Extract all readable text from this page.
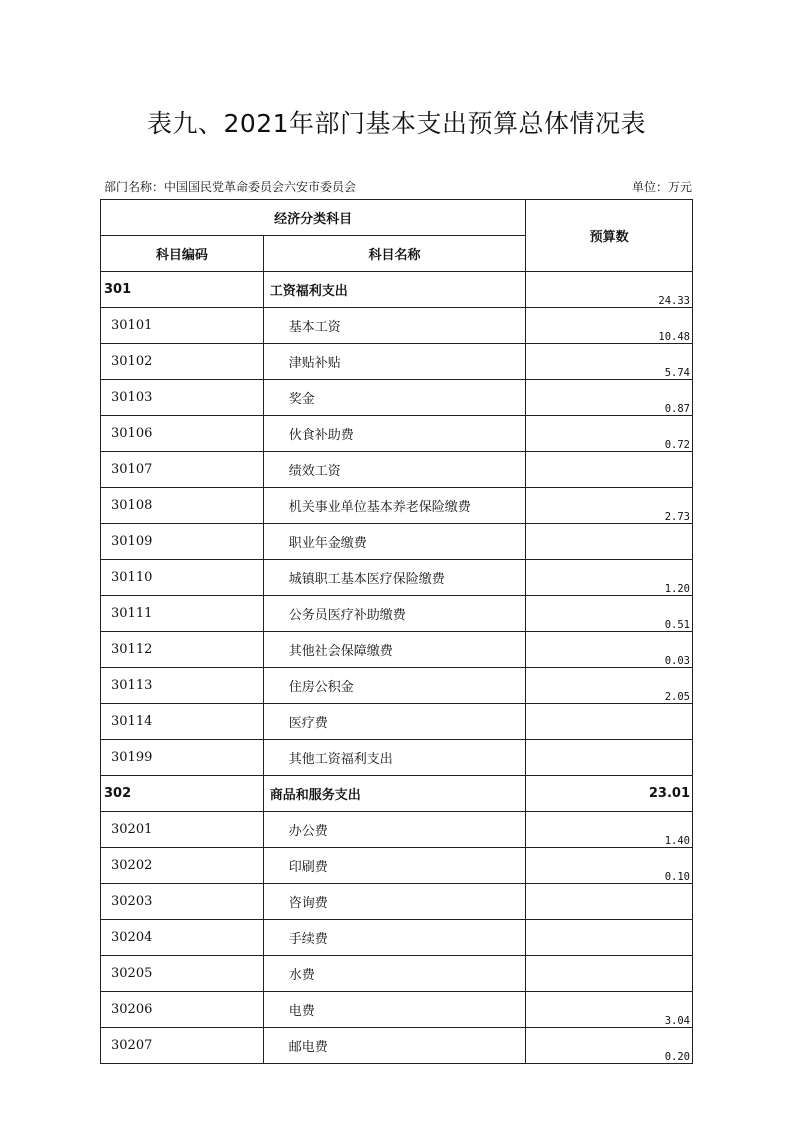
表九、2021年部门基本支出预算总体情况表
部门名称：中国国民党革命委员会六安市委员会	单位：万元
经济分类科目		预算数
科目编码	科目名称	
301	工资福利支出	24.33
30101	基本工资	10.48
30102	津贴补贴	5.74
30103	奖金	0.87
30106	伙食补助费	0.72
30107	绩效工资	
30108	机关事业单位基本养老保险缴费	2.73
30109	职业年金缴费	
30110	城镇职工基本医疗保险缴费	1.20
30111	公务员医疗补助缴费	0.51
30112	其他社会保障缴费	0.03
30113	住房公积金	2.05
30114	医疗费	
30199	其他工资福利支出	
302	商品和服务支出	23.01
30201	办公费	1.40
30202	印刷费	0.10
30203	咨询费	
30204	手续费	
30205	水费	
30206	电费	3.04
30207	邮电费	0.20
